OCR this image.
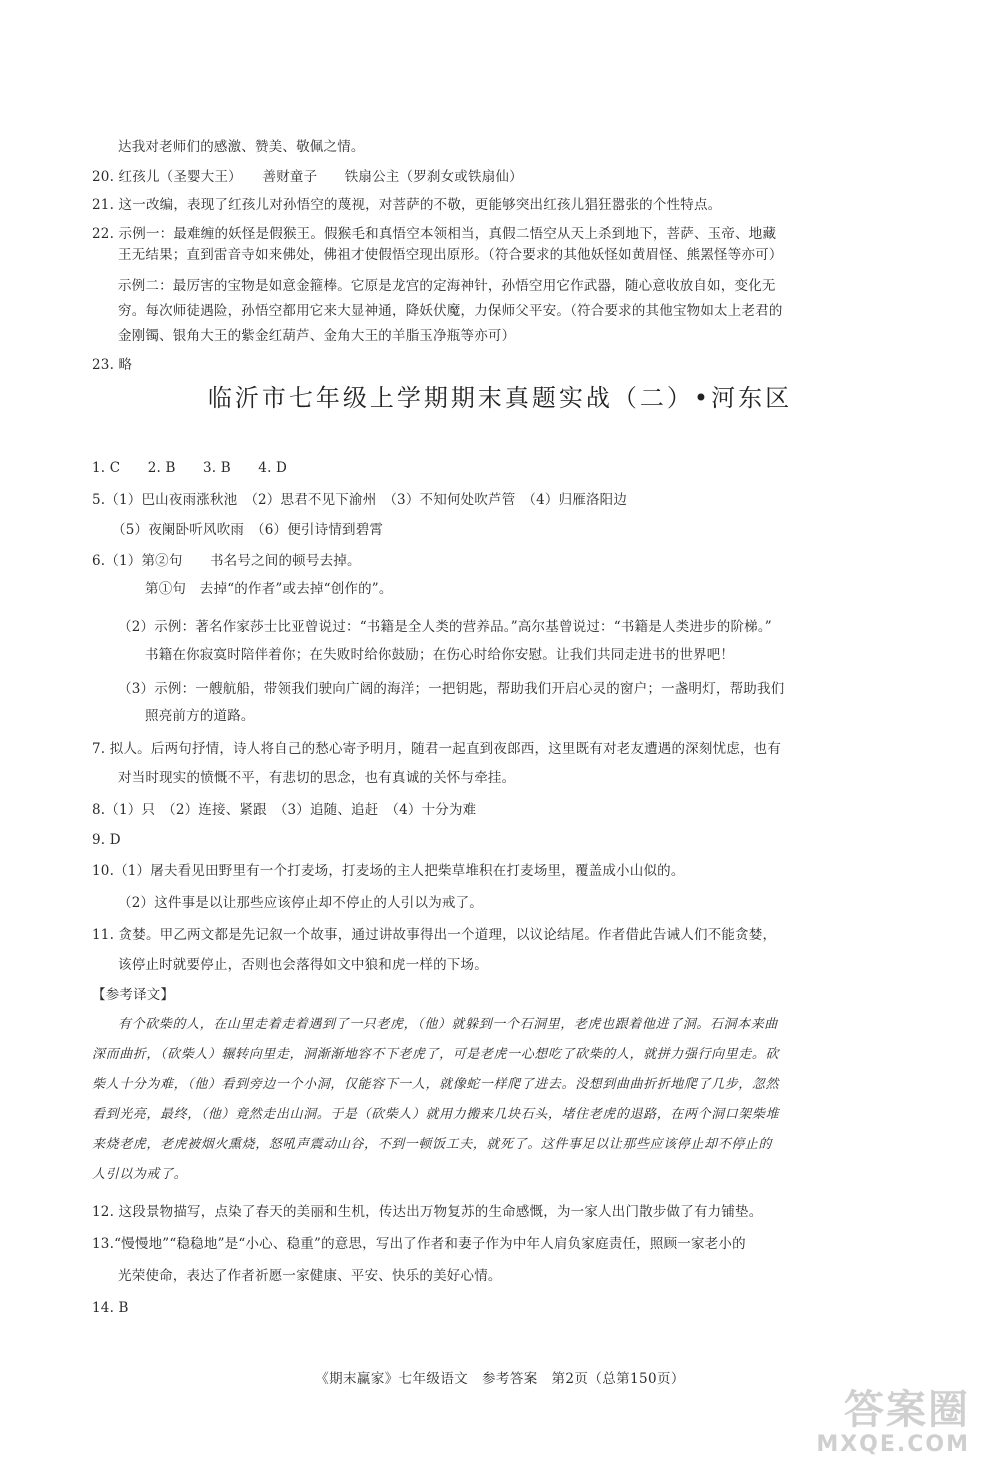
达我对老师们的感激、赞美、敬佩之情。
20. 红孩儿（圣婴大王）　　善财童子　　铁扇公主（罗刹女或铁扇仙）
21. 这一改编，表现了红孩儿对孙悟空的蔑视，对菩萨的不敬，更能够突出红孩儿猖狂嚣张的个性特点。
22. 示例一：最难缠的妖怪是假猴王。假猴毛和真悟空本领相当，真假二悟空从天上杀到地下，菩萨、玉帝、地藏
王无结果；直到雷音寺如来佛处，佛祖才使假悟空现出原形。（符合要求的其他妖怪如黄眉怪、熊罴怪等亦可）
示例二：最厉害的宝物是如意金箍棒。它原是龙宫的定海神针，孙悟空用它作武器，随心意收放自如，变化无
穷。每次师徒遇险，孙悟空都用它来大显神通，降妖伏魔，力保师父平安。（符合要求的其他宝物如太上老君的
金刚镯、银角大王的紫金红葫芦、金角大王的羊脂玉净瓶等亦可）
23. 略
临沂市七年级上学期期末真题实战（二）•河东区
1. C　　2. B　　3. B　　4. D
5.（1）巴山夜雨涨秋池　（2）思君不见下渝州　（3）不知何处吹芦管　（4）归雁洛阳边
（5）夜阑卧听风吹雨　（6）便引诗情到碧霄
6.（1）第②句　　书名号之间的顿号去掉。
第①句　去掉“的作者”或去掉“创作的”。
（2）示例：著名作家莎士比亚曾说过：“书籍是全人类的营养品。”高尔基曾说过：“书籍是人类进步的阶梯。”
书籍在你寂寞时陪伴着你；在失败时给你鼓励；在伤心时给你安慰。让我们共同走进书的世界吧！
（3）示例：一艘航船，带领我们驶向广阔的海洋；一把钥匙，帮助我们开启心灵的窗户；一盏明灯，帮助我们
照亮前方的道路。
7. 拟人。后两句抒情，诗人将自己的愁心寄予明月，随君一起直到夜郎西，这里既有对老友遭遇的深刻忧虑，也有
对当时现实的愤慨不平，有悲切的思念，也有真诚的关怀与牵挂。
8.（1）只　（2）连接、紧跟　（3）追随、追赶　（4）十分为难
9. D
10.（1）屠夫看见田野里有一个打麦场，打麦场的主人把柴草堆积在打麦场里，覆盖成小山似的。
（2）这件事是以让那些应该停止却不停止的人引以为戒了。
11. 贪婪。甲乙两文都是先记叙一个故事，通过讲故事得出一个道理，以议论结尾。作者借此告诫人们不能贪婪，
该停止时就要停止，否则也会落得如文中狼和虎一样的下场。
【参考译文】
有个砍柴的人，在山里走着走着遇到了一只老虎，（他）就躲到一个石洞里，老虎也跟着他进了洞。石洞本来曲
深而曲折，（砍柴人）辗转向里走，洞渐渐地容不下老虎了，可是老虎一心想吃了砍柴的人，就拼力强行向里走。砍
柴人十分为难，（他）看到旁边一个小洞，仅能容下一人，就像蛇一样爬了进去。没想到曲曲折折地爬了几步，忽然
看到光亮，最终，（他）竟然走出山洞。于是（砍柴人）就用力搬来几块石头，堵住老虎的退路，在两个洞口架柴堆
来烧老虎，老虎被烟火熏烧，怒吼声震动山谷，不到一顿饭工夫，就死了。这件事足以让那些应该停止却不停止的
人引以为戒了。
12. 这段景物描写，点染了春天的美丽和生机，传达出万物复苏的生命感慨，为一家人出门散步做了有力铺垫。
13.“慢慢地”“稳稳地”是“小心、稳重”的意思，写出了作者和妻子作为中年人肩负家庭责任，照顾一家老小的
光荣使命，表达了作者祈愿一家健康、平安、快乐的美好心情。
14. B
《期末赢家》七年级语文　参考答案　第2页（总第150页）
答案圈
MXQE.COM
